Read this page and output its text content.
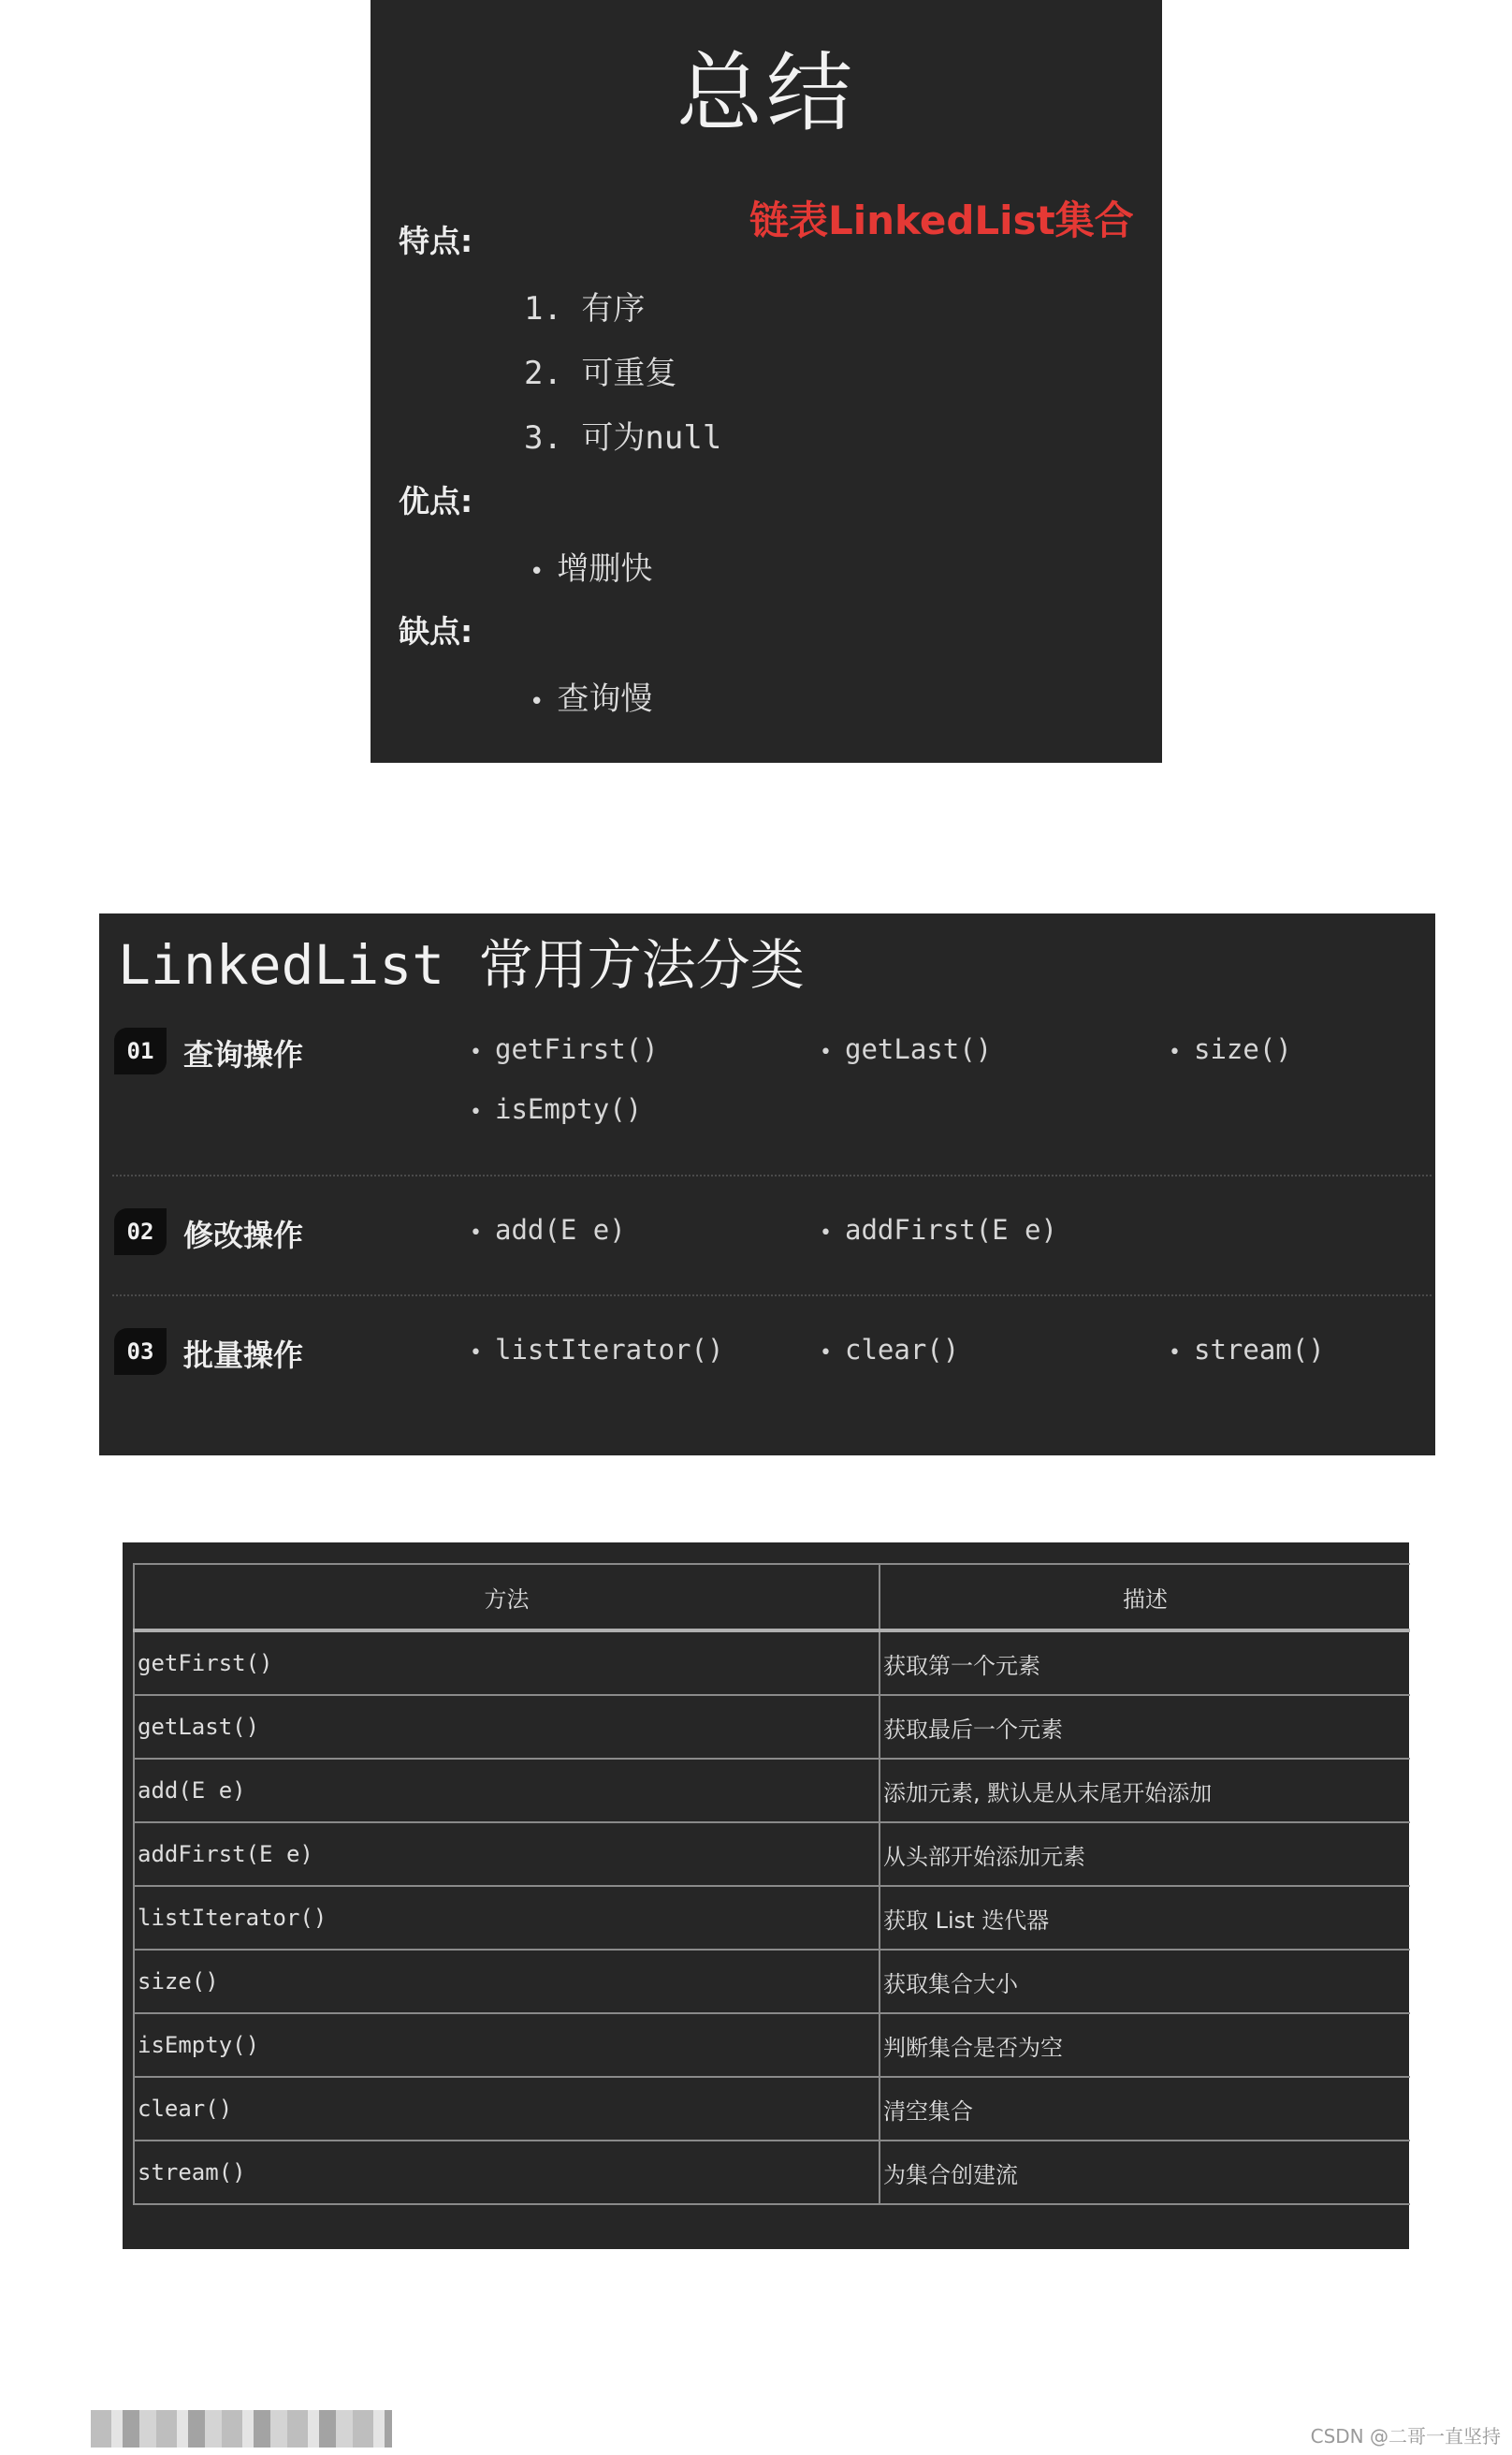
总结
链表LinkedList集合
特点:
1. 有序
2. 可重复
3. 可为null
优点:
• 增删快
缺点:
• 查询慢
LinkedList 常用方法分类
01 查询操作	• getFirst()	• getLast()	• size()
• isEmpty()
02 修改操作	• add(E e)	• addFirst(E e)
03 批量操作	• listIterator()	• clear()	• stream()
方法	描述
getFirst()	获取第一个元素
getLast()	获取最后一个元素
add(E e)	添加元素, 默认是从末尾开始添加
addFirst(E e)	从头部开始添加元素
listIterator()	获取 List 迭代器
size()	获取集合大小
isEmpty()	判断集合是否为空
clear()	清空集合
stream()	为集合创建流
CSDN @二哥一直坚持
